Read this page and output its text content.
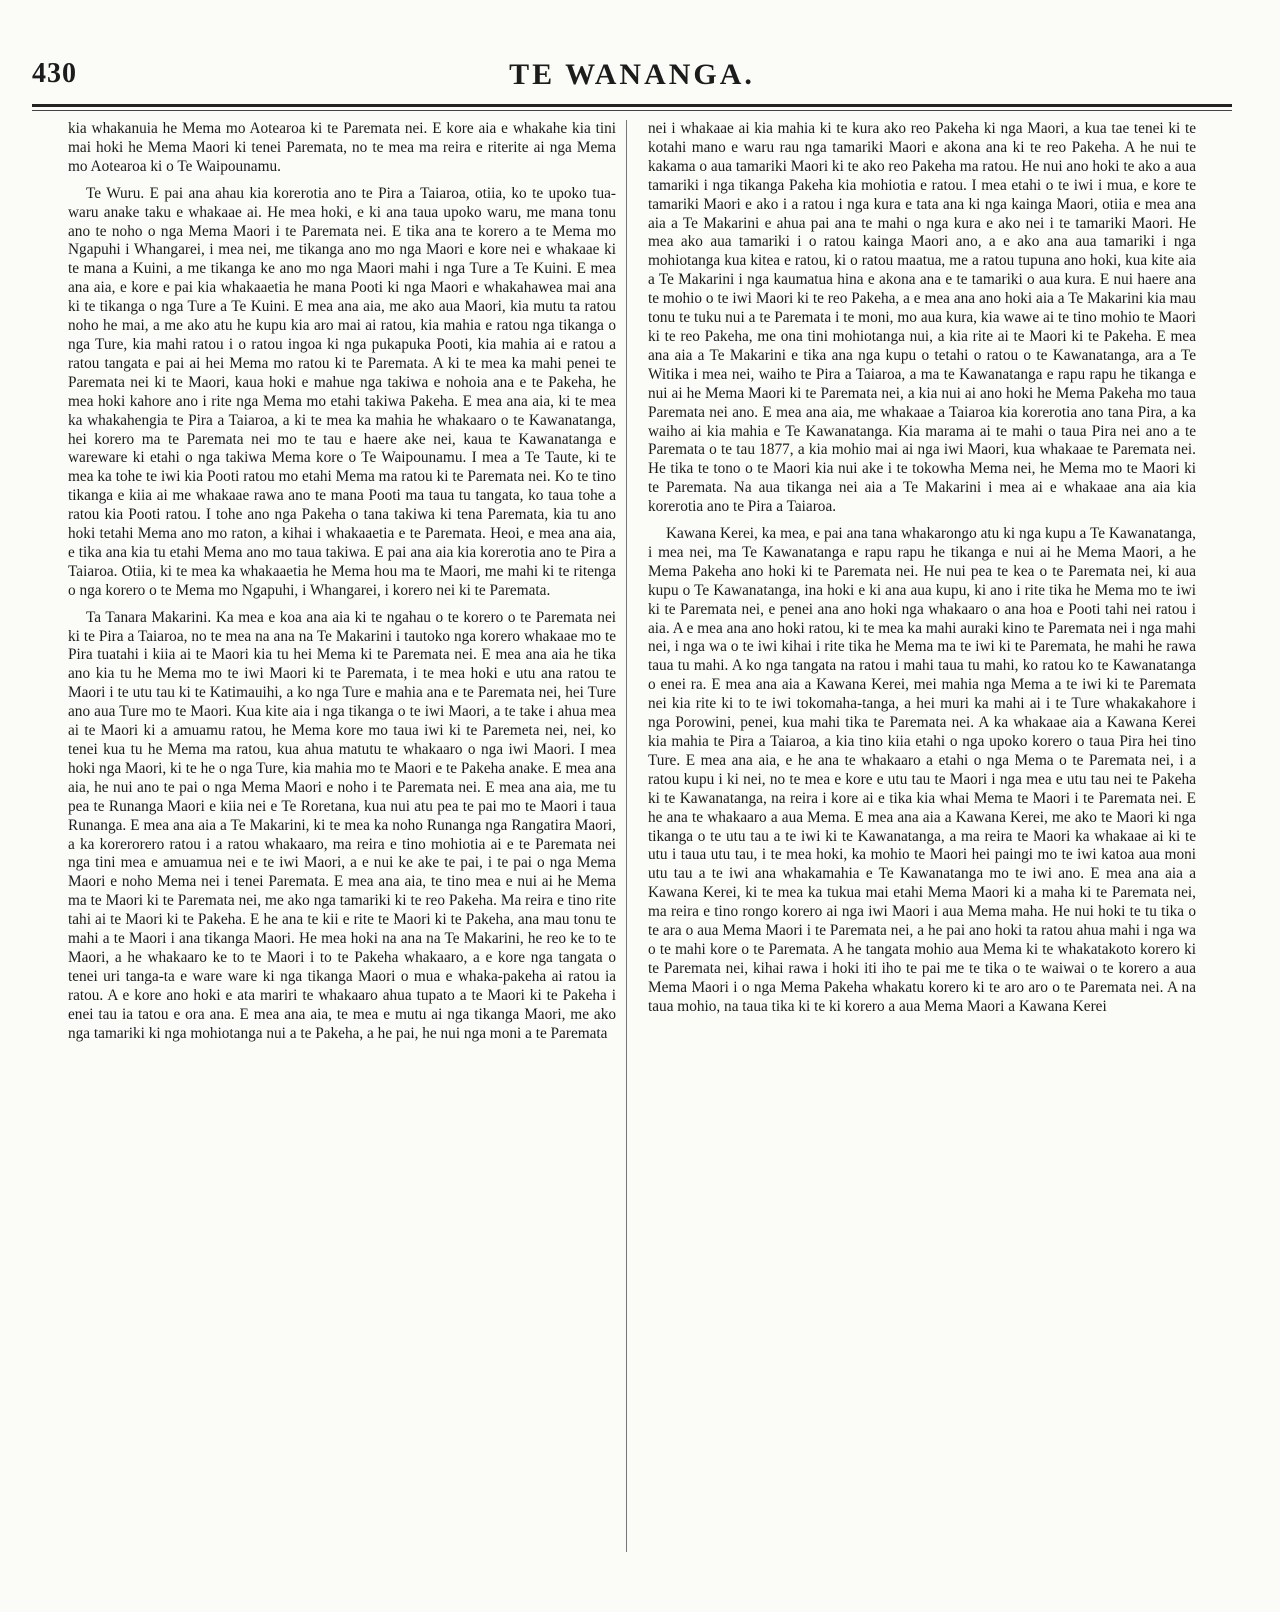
430	TE WANANGA.

kia whakanuia he Mema mo Aotearoa ki te Paremata nei. E kore aia e whakahe kia tini mai hoki he Mema Maori ki tenei Paremata, no te mea ma reira e riterite ai nga Mema mo Aotearoa ki o Te Waipounamu.

Te Wuru. E pai ana ahau kia korerotia ano te Pira a Taiaroa, otiia, ko te upoko tua-waru anake taku e whakaae ai. He mea hoki, e ki ana taua upoko waru, me mana tonu ano te noho o nga Mema Maori i te Paremata nei. E tika ana te korero a te Mema mo Ngapuhi i Whangarei, i mea nei, me tikanga ano mo nga Maori e kore nei e whakaae ki te mana a Kuini, a me tikanga ke ano mo nga Maori mahi i nga Ture a Te Kuini. E mea ana aia, e kore e pai kia whakaaetia he mana Pooti ki nga Maori e whakahawea mai ana ki te tikanga o nga Ture a Te Kuini. E mea ana aia, me ako aua Maori, kia mutu ta ratou noho he mai, a me ako atu he kupu kia aro mai ai ratou, kia mahia e ratou nga tikanga o nga Ture, kia mahi ratou i o ratou ingoa ki nga pukapuka Pooti, kia mahia ai e ratou a ratou tangata e pai ai hei Mema mo ratou ki te Paremata. A ki te mea ka mahi penei te Paremata nei ki te Maori, kaua hoki e mahue nga takiwa e nohoia ana e te Pakeha, he mea hoki kahore ano i rite nga Mema mo etahi takiwa Pakeha. E mea ana aia, ki te mea ka whakahengia te Pira a Taiaroa, a ki te mea ka mahia he whakaaro o te Kawanatanga, hei korero ma te Paremata nei mo te tau e haere ake nei, kaua te Kawanatanga e wareware ki etahi o nga takiwa Mema kore o Te Waipounamu. I mea a Te Taute, ki te mea ka tohe te iwi kia Pooti ratou mo etahi Mema ma ratou ki te Paremata nei. Ko te tino tikanga e kiia ai me whakaae rawa ano te mana Pooti ma taua tu tangata, ko taua tohe a ratou kia Pooti ratou. I tohe ano nga Pakeha o tana takiwa ki tena Paremata, kia tu ano hoki tetahi Mema ano mo raton, a kihai i whakaaetia e te Paremata. Heoi, e mea ana aia, e tika ana kia tu etahi Mema ano mo taua takiwa. E pai ana aia kia korerotia ano te Pira a Taiaroa. Otiia, ki te mea ka whakaaetia he Mema hou ma te Maori, me mahi ki te ritenga o nga korero o te Mema mo Ngapuhi, i Whangarei, i korero nei ki te Paremata.

Ta Tanara Makarini. Ka mea e koa ana aia ki te ngahau o te korero o te Paremata nei ki te Pira a Taiaroa, no te mea na ana na Te Makarini i tautoko nga korero whakaae mo te Pira tuatahi i kiia ai te Maori kia tu hei Mema ki te Paremata nei. E mea ana aia he tika ano kia tu he Mema mo te iwi Maori ki te Paremata, i te mea hoki e utu ana ratou te Maori i te utu tau ki te Katimauihi, a ko nga Ture e mahia ana e te Paremata nei, hei Ture ano aua Ture mo te Maori. Kua kite aia i nga tikanga o te iwi Maori, a te take i ahua mea ai te Maori ki a amuamu ratou, he Mema kore mo taua iwi ki te Paremeta nei, nei, ko tenei kua tu he Mema ma ratou, kua ahua matutu te whakaaro o nga iwi Maori. I mea hoki nga Maori, ki te he o nga Ture, kia mahia mo te Maori e te Pakeha anake. E mea ana aia, he nui ano te pai o nga Mema Maori e noho i te Paremata nei. E mea ana aia, me tu pea te Runanga Maori e kiia nei e Te Roretana, kua nui atu pea te pai mo te Maori i taua Runanga. E mea ana aia a Te Makarini, ki te mea ka noho Runanga nga Rangatira Maori, a ka korerorero ratou i a ratou whakaaro, ma reira e tino mohiotia ai e te Paremata nei nga tini mea e amuamua nei e te iwi Maori, a e nui ke ake te pai, i te pai o nga Mema Maori e noho Mema nei i tenei Paremata. E mea ana aia, te tino mea e nui ai he Mema ma te Maori ki te Paremata nei, me ako nga tamariki ki te reo Pakeha. Ma reira e tino rite tahi ai te Maori ki te Pakeha. E he ana te kii e rite te Maori ki te Pakeha, ana mau tonu te mahi a te Maori i ana tikanga Maori. He mea hoki na ana na Te Makarini, he reo ke to te Maori, a he whakaaro ke to te Maori i to te Pakeha whakaaro, a e kore nga tangata o tenei uri tanga-ta e ware ware ki nga tikanga Maori o mua e whaka-pakeha ai ratou ia ratou. A e kore ano hoki e ata mariri te whakaaro ahua tupato a te Maori ki te Pakeha i enei tau ia tatou e ora ana. E mea ana aia, te mea e mutu ai nga tikanga Maori, me ako nga tamariki ki nga mohiotanga nui a te Pakeha, a he pai, he nui nga moni a te Paremata

nei i whakaae ai kia mahia ki te kura ako reo Pakeha ki nga Maori, a kua tae tenei ki te kotahi mano e waru rau nga tamariki Maori e akona ana ki te reo Pakeha. A he nui te kakama o aua tamariki Maori ki te ako reo Pakeha ma ratou. He nui ano hoki te ako a aua tamariki i nga tikanga Pakeha kia mohiotia e ratou. I mea etahi o te iwi i mua, e kore te tamariki Maori e ako i a ratou i nga kura e tata ana ki nga kainga Maori, otiia e mea ana aia a Te Makarini e ahua pai ana te mahi o nga kura e ako nei i te tamariki Maori. He mea ako aua tamariki i o ratou kainga Maori ano, a e ako ana aua tamariki i nga mohiotanga kua kitea e ratou, ki o ratou maatua, me a ratou tupuna ano hoki, kua kite aia a Te Makarini i nga kaumatua hina e akona ana e te tamariki o aua kura. E nui haere ana te mohio o te iwi Maori ki te reo Pakeha, a e mea ana ano hoki aia a Te Makarini kia mau tonu te tuku nui a te Paremata i te moni, mo aua kura, kia wawe ai te tino mohio te Maori ki te reo Pakeha, me ona tini mohiotanga nui, a kia rite ai te Maori ki te Pakeha. E mea ana aia a Te Makarini e tika ana nga kupu o tetahi o ratou o te Kawanatanga, ara a Te Witika i mea nei, waiho te Pira a Taiaroa, a ma te Kawanatanga e rapu rapu he tikanga e nui ai he Mema Maori ki te Paremata nei, a kia nui ai ano hoki he Mema Pakeha mo taua Paremata nei ano. E mea ana aia, me whakaae a Taiaroa kia korerotia ano tana Pira, a ka waiho ai kia mahia e Te Kawanatanga. Kia marama ai te mahi o taua Pira nei ano a te Paremata o te tau 1877, a kia mohio mai ai nga iwi Maori, kua whakaae te Paremata nei. He tika te tono o te Maori kia nui ake i te tokowha Mema nei, he Mema mo te Maori ki te Paremata. Na aua tikanga nei aia a Te Makarini i mea ai e whakaae ana aia kia korerotia ano te Pira a Taiaroa.

Kawana Kerei, ka mea, e pai ana tana whakarongo atu ki nga kupu a Te Kawanatanga, i mea nei, ma Te Kawanatanga e rapu rapu he tikanga e nui ai he Mema Maori, a he Mema Pakeha ano hoki ki te Paremata nei. He nui pea te kea o te Paremata nei, ki aua kupu o Te Kawanatanga, ina hoki e ki ana aua kupu, ki ano i rite tika he Mema mo te iwi ki te Paremata nei, e penei ana ano hoki nga whakaaro o ana hoa e Pooti tahi nei ratou i aia. A e mea ana ano hoki ratou, ki te mea ka mahi auraki kino te Paremata nei i nga mahi nei, i nga wa o te iwi kihai i rite tika he Mema ma te iwi ki te Paremata, he mahi he rawa taua tu mahi. A ko nga tangata na ratou i mahi taua tu mahi, ko ratou ko te Kawanatanga o enei ra. E mea ana aia a Kawana Kerei, mei mahia nga Mema a te iwi ki te Paremata nei kia rite ki to te iwi tokomaha-tanga, a hei muri ka mahi ai i te Ture whakakahore i nga Porowini, penei, kua mahi tika te Paremata nei. A ka whakaae aia a Kawana Kerei kia mahia te Pira a Taiaroa, a kia tino kiia etahi o nga upoko korero o taua Pira hei tino Ture. E mea ana aia, e he ana te whakaaro a etahi o nga Mema o te Paremata nei, i a ratou kupu i ki nei, no te mea e kore e utu tau te Maori i nga mea e utu tau nei te Pakeha ki te Kawanatanga, na reira i kore ai e tika kia whai Mema te Maori i te Paremata nei. E he ana te whakaaro a aua Mema. E mea ana aia a Kawana Kerei, me ako te Maori ki nga tikanga o te utu tau a te iwi ki te Kawanatanga, a ma reira te Maori ka whakaae ai ki te utu i taua utu tau, i te mea hoki, ka mohio te Maori hei paingi mo te iwi katoa aua moni utu tau a te iwi ana whakamahia e Te Kawanatanga mo te iwi ano. E mea ana aia a Kawana Kerei, ki te mea ka tukua mai etahi Mema Maori ki a maha ki te Paremata nei, ma reira e tino rongo korero ai nga iwi Maori i aua Mema maha. He nui hoki te tu tika o te ara o aua Mema Maori i te Paremata nei, a he pai ano hoki ta ratou ahua mahi i nga wa o te mahi kore o te Paremata. A he tangata mohio aua Mema ki te whakatakoto korero ki te Paremata nei, kihai rawa i hoki iti iho te pai me te tika o te waiwai o te korero a aua Mema Maori i o nga Mema Pakeha whakatu korero ki te aro aro o te Paremata nei. A na taua mohio, na taua tika ki te ki korero a aua Mema Maori a Kawana Kerei
